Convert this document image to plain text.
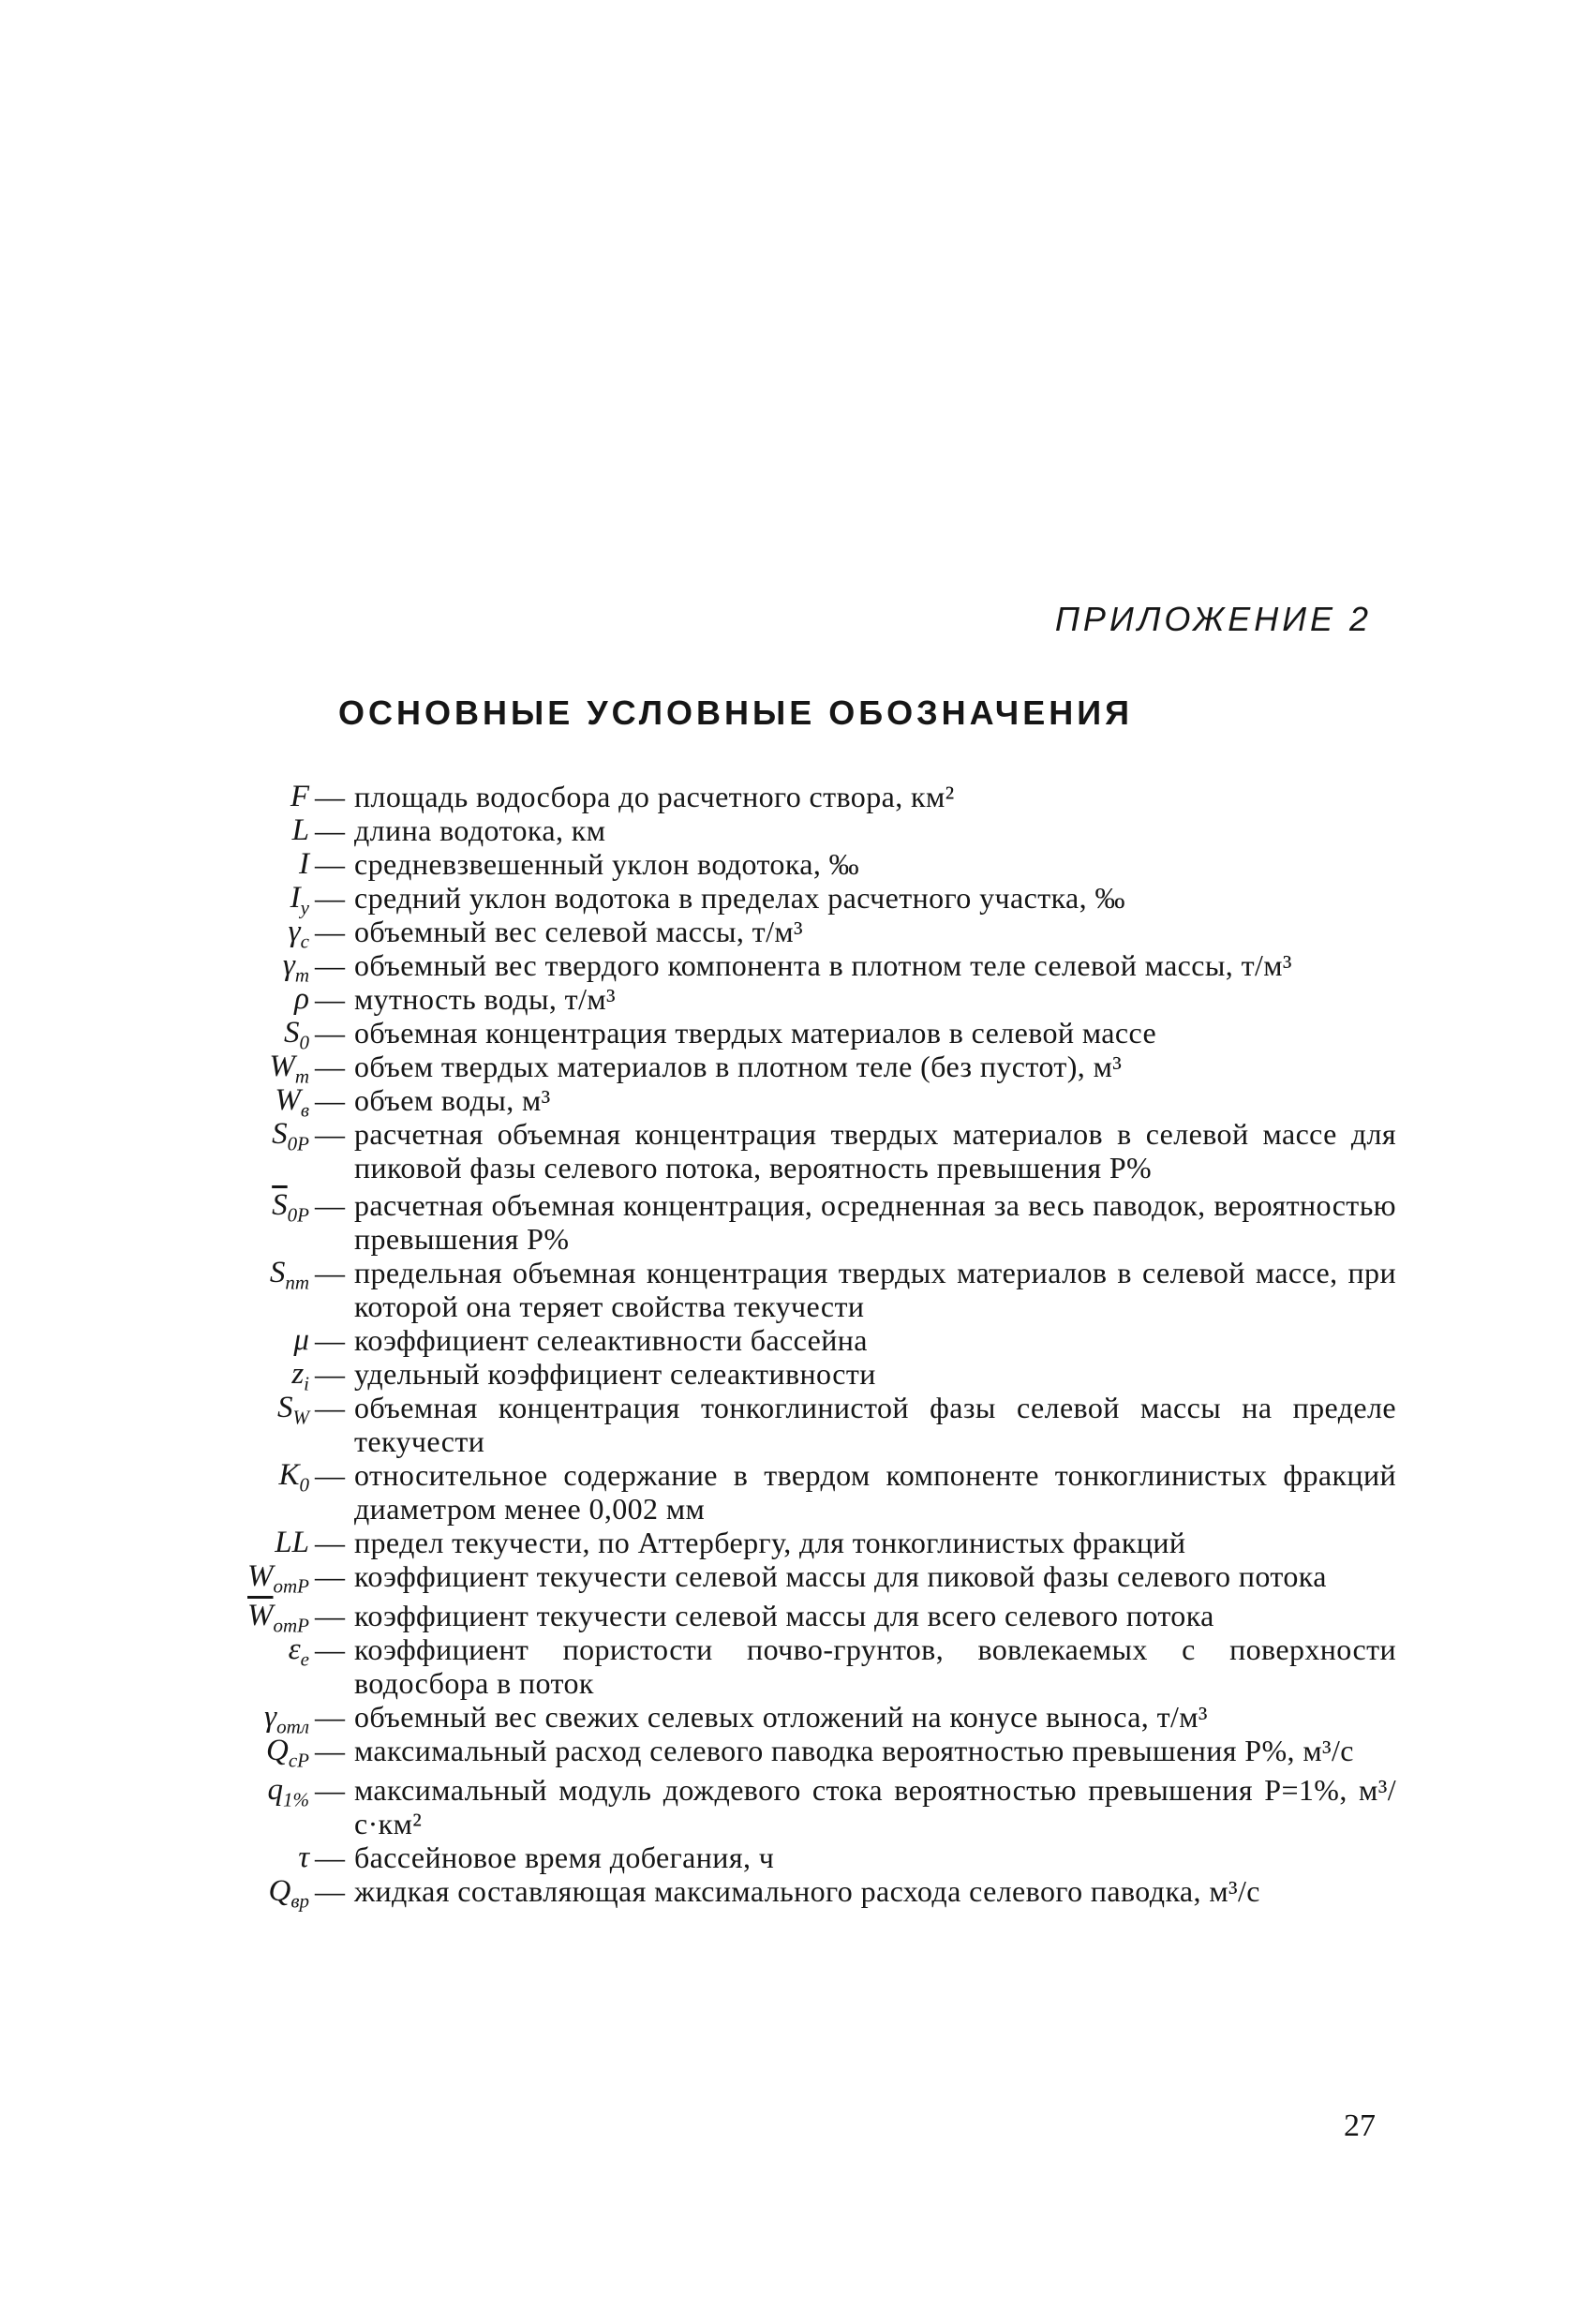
ПРИЛОЖЕНИЕ 2
ОСНОВНЫЕ УСЛОВНЫЕ ОБОЗНАЧЕНИЯ
F — площадь водосбора до расчетного створа, км²
L — длина водотока, км
I — средневзвешенный уклон водотока, ‰
$I_y$ — средний уклон водотока в пределах расчетного участка, ‰
$\gamma_c$ — объемный вес селевой массы, т/м³
$\gamma_т$ — объемный вес твердого компонента в плотном теле селевой массы, т/м³
ρ — мутность воды, т/м³
$S_0$ — объемная концентрация твердых материалов в селевой массе
$W_т$ — объем твердых материалов в плотном теле (без пустот), м³
$W_в$ — объем воды, м³
$S_{0P}$ — расчетная объемная концентрация твердых материалов в селевой массе для пиковой фазы селевого потока, вероятность превышения P%
$\overline{S}_{0P}$ — расчетная объемная концентрация, осредненная за весь паводок, вероятностью превышения P%
$S_{пт}$ — предельная объемная концентрация твердых материалов в селевой массе, при которой она теряет свойства текучести
μ — коэффициент селеактивности бассейна
$z_i$ — удельный коэффициент селеактивности
$S_W$ — объемная концентрация тонкоглинистой фазы селевой массы на пределе текучести
$K_0$ — относительное содержание в твердом компоненте тонкоглинистых фракций диаметром менее 0,002 мм
LL — предел текучести, по Аттербергу, для тонкоглинистых фракций
$W_{отP}$ — коэффициент текучести селевой массы для пиковой фазы селевого потока
$\overline{W}_{отP}$ — коэффициент текучести селевой массы для всего селевого потока
$\varepsilon_e$ — коэффициент пористости почво-грунтов, вовлекаемых с поверхности водосбора в поток
$\gamma_{отл}$ — объемный вес свежих селевых отложений на конусе выноса, т/м³
$Q_{cP}$ — максимальный расход селевого паводка вероятностью превышения P%, м³/с
$q_{1\%}$ — максимальный модуль дождевого стока вероятностью превышения P=1%, м³/с·км²
τ — бассейновое время добегания, ч
$Q_{вр}$ — жидкая составляющая максимального расхода селевого паводка, м³/с
27
